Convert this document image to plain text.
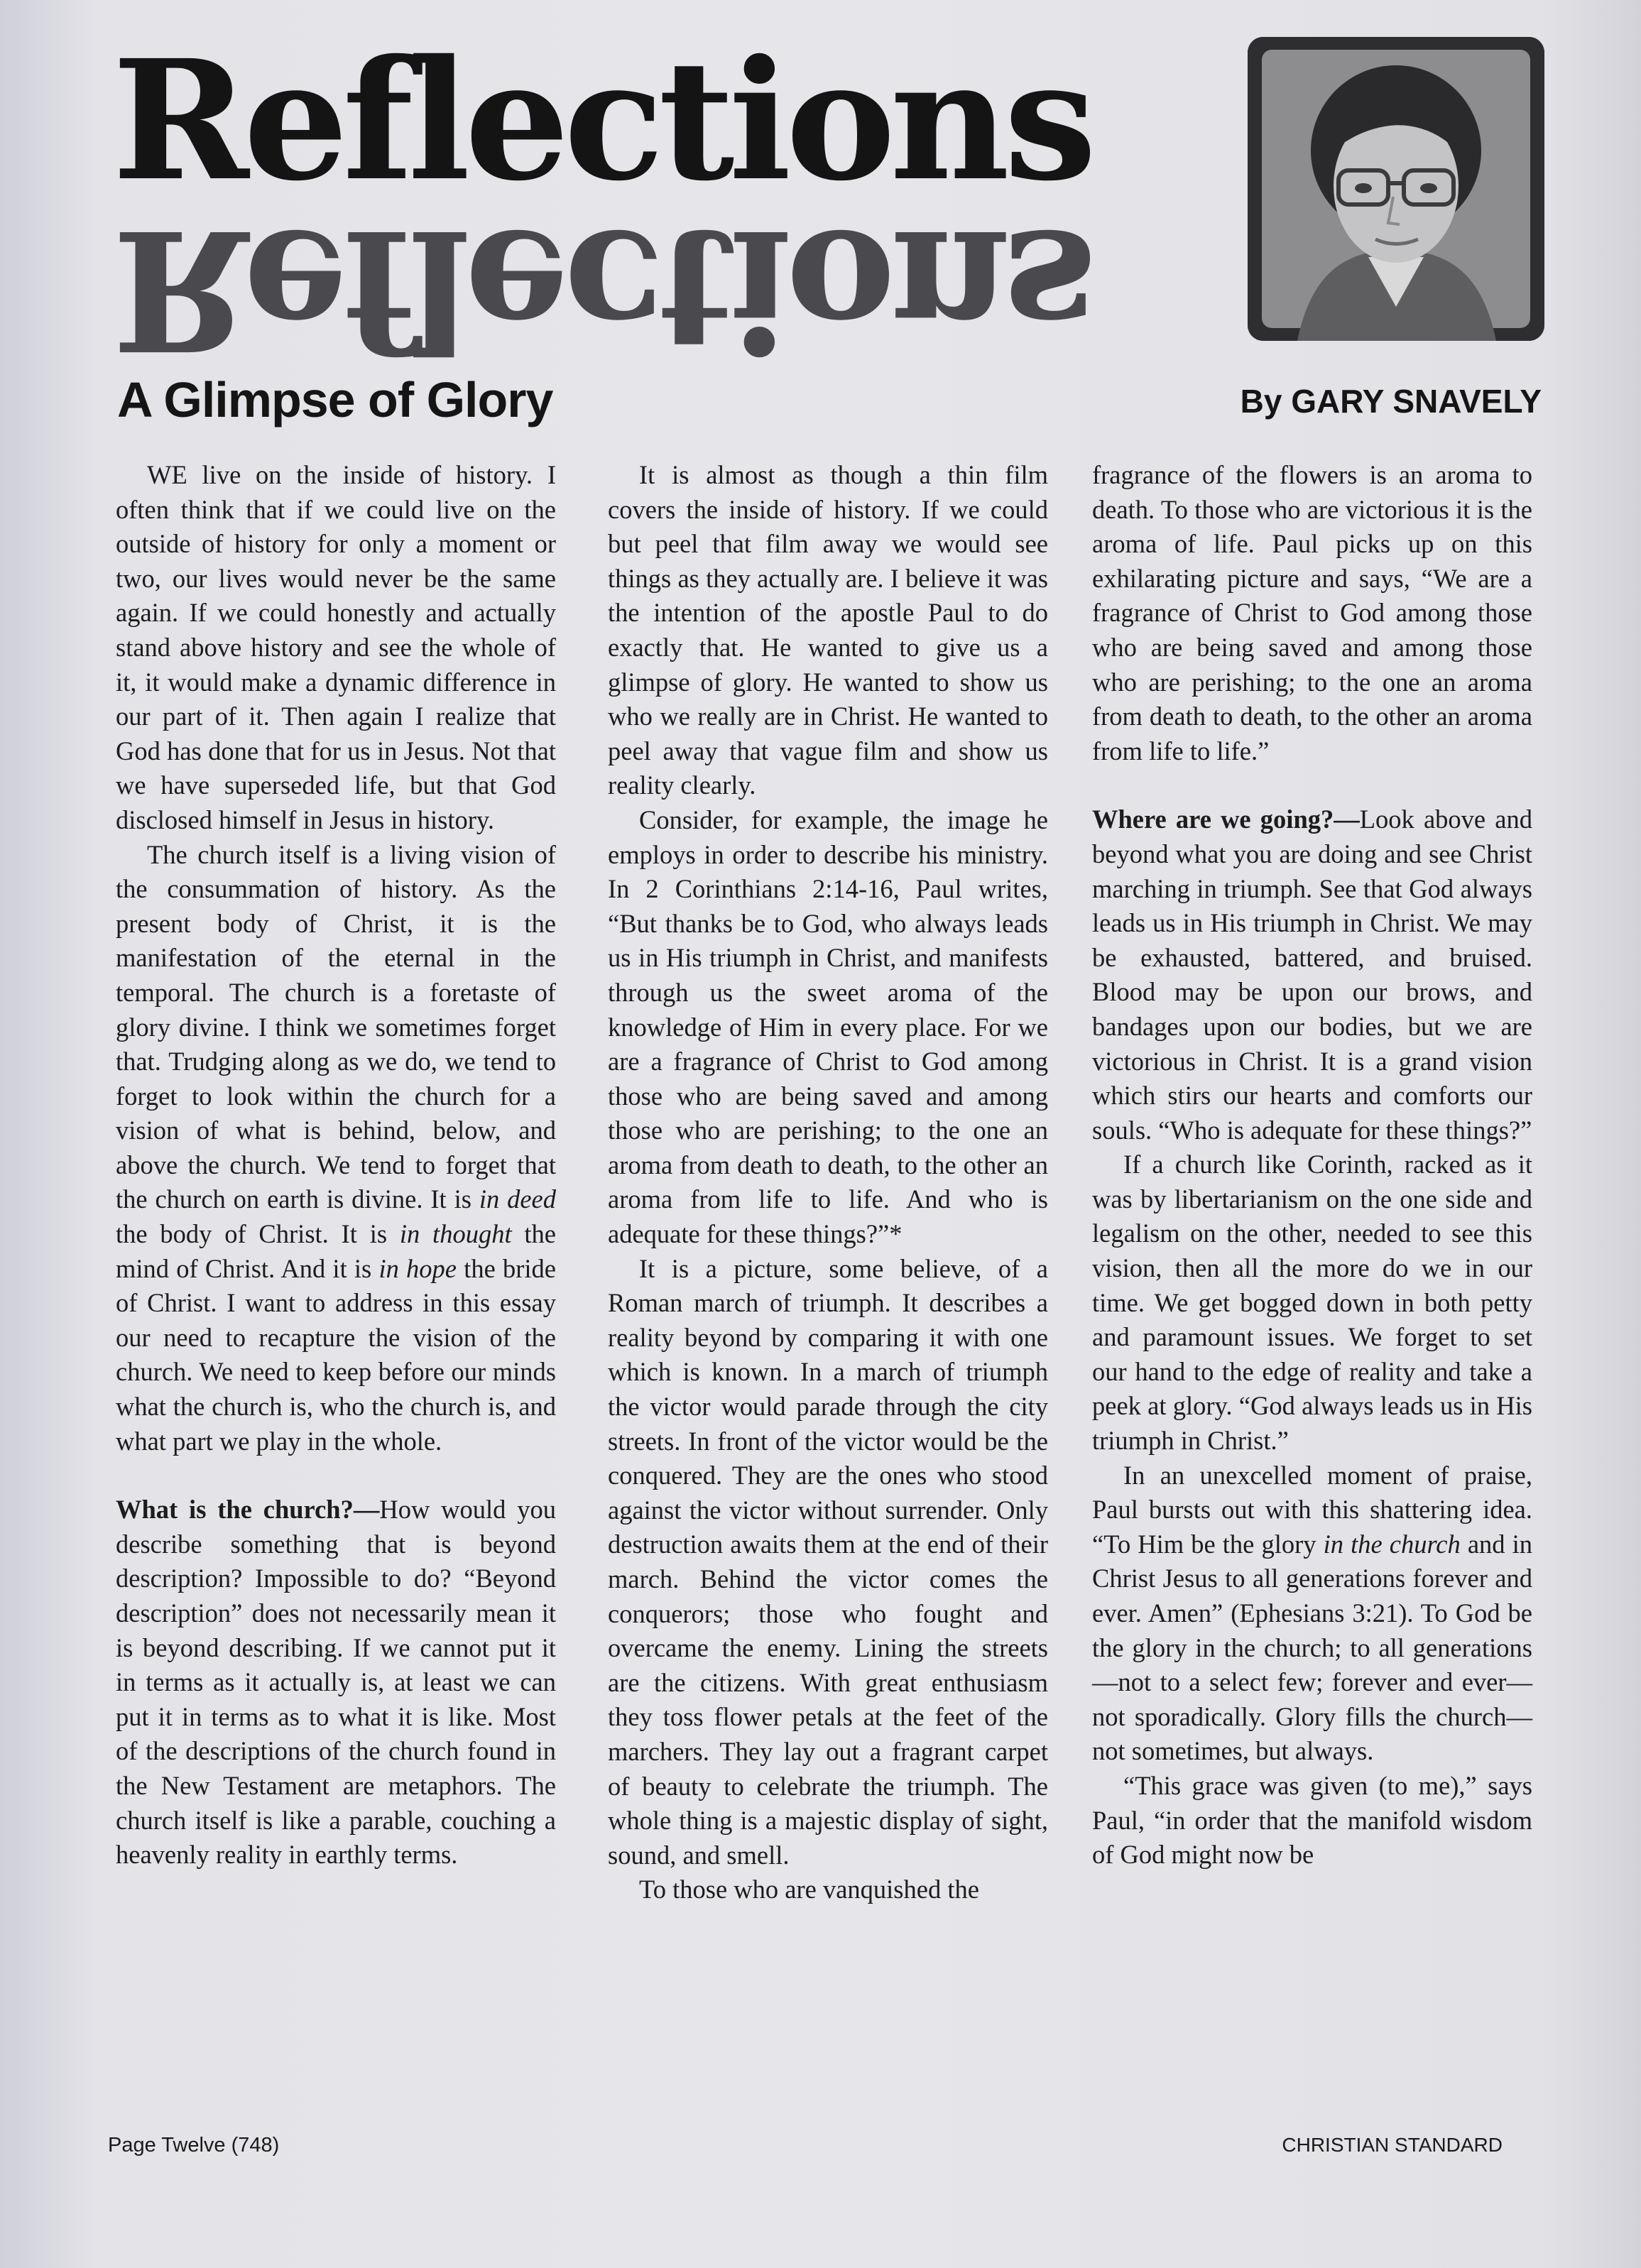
Reflections
Reflections
A Glimpse of Glory	By GARY SNAVELY

WE live on the inside of history. I often think that if we could live on the outside of history for only a moment or two, our lives would never be the same again. If we could honestly and actually stand above history and see the whole of it, it would make a dynamic difference in our part of it. Then again I realize that God has done that for us in Jesus. Not that we have superseded life, but that God disclosed himself in Jesus in history.

The church itself is a living vision of the consummation of history. As the present body of Christ, it is the manifestation of the eternal in the temporal. The church is a foretaste of glory divine. I think we sometimes forget that. Trudging along as we do, we tend to forget to look within the church for a vision of what is behind, below, and above the church. We tend to forget that the church on earth is divine. It is in deed the body of Christ. It is in thought the mind of Christ. And it is in hope the bride of Christ. I want to address in this essay our need to recapture the vision of the church. We need to keep before our minds what the church is, who the church is, and what part we play in the whole.

What is the church?—How would you describe something that is beyond description? Impossible to do? “Beyond description” does not necessarily mean it is beyond describing. If we cannot put it in terms as it actually is, at least we can put it in terms as to what it is like. Most of the descriptions of the church found in the New Testament are metaphors. The church itself is like a parable, couching a heavenly reality in earthly terms.

It is almost as though a thin film covers the inside of history. If we could but peel that film away we would see things as they actually are. I believe it was the intention of the apostle Paul to do exactly that. He wanted to give us a glimpse of glory. He wanted to show us who we really are in Christ. He wanted to peel away that vague film and show us reality clearly.

Consider, for example, the image he employs in order to describe his ministry. In 2 Corinthians 2:14-16, Paul writes, “But thanks be to God, who always leads us in His triumph in Christ, and manifests through us the sweet aroma of the knowledge of Him in every place. For we are a fragrance of Christ to God among those who are being saved and among those who are perishing; to the one an aroma from death to death, to the other an aroma from life to life. And who is adequate for these things?”*

It is a picture, some believe, of a Roman march of triumph. It describes a reality beyond by comparing it with one which is known. In a march of triumph the victor would parade through the city streets. In front of the victor would be the conquered. They are the ones who stood against the victor without surrender. Only destruction awaits them at the end of their march. Behind the victor comes the conquerors; those who fought and overcame the enemy. Lining the streets are the citizens. With great enthusiasm they toss flower petals at the feet of the marchers. They lay out a fragrant carpet of beauty to celebrate the triumph. The whole thing is a majestic display of sight, sound, and smell.

To those who are vanquished the

fragrance of the flowers is an aroma to death. To those who are victorious it is the aroma of life. Paul picks up on this exhilarating picture and says, “We are a fragrance of Christ to God among those who are being saved and among those who are perishing; to the one an aroma from death to death, to the other an aroma from life to life.”

Where are we going?—Look above and beyond what you are doing and see Christ marching in triumph. See that God always leads us in His triumph in Christ. We may be exhausted, battered, and bruised. Blood may be upon our brows, and bandages upon our bodies, but we are victorious in Christ. It is a grand vision which stirs our hearts and comforts our souls. “Who is adequate for these things?”

If a church like Corinth, racked as it was by libertarianism on the one side and legalism on the other, needed to see this vision, then all the more do we in our time. We get bogged down in both petty and paramount issues. We forget to set our hand to the edge of reality and take a peek at glory. “God always leads us in His triumph in Christ.”

In an unexcelled moment of praise, Paul bursts out with this shattering idea. “To Him be the glory in the church and in Christ Jesus to all generations forever and ever. Amen” (Ephesians 3:21). To God be the glory in the church; to all generations—not to a select few; forever and ever—not sporadically. Glory fills the church—not sometimes, but always.

“This grace was given (to me),” says Paul, “in order that the manifold wisdom of God might now be

Page Twelve (748)	CHRISTIAN STANDARD
